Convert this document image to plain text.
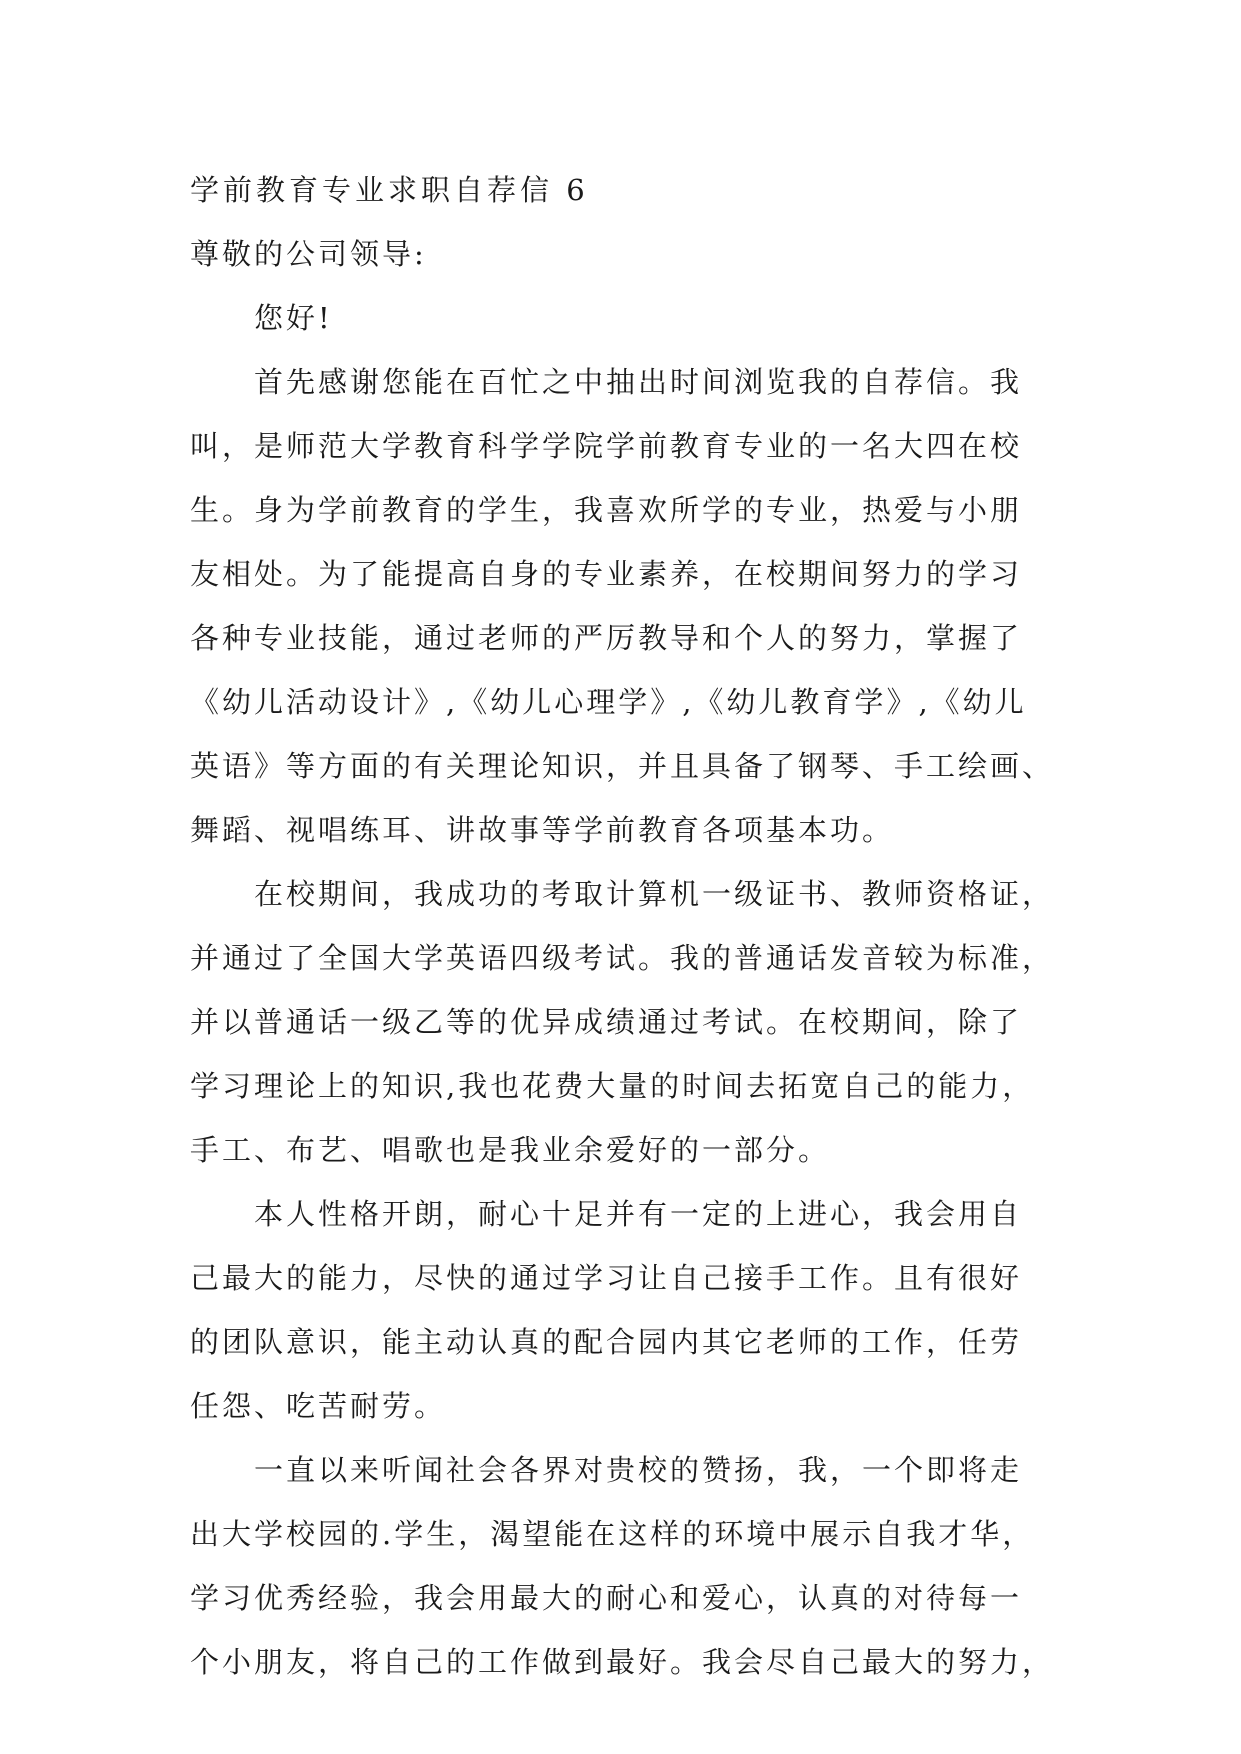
学前教育专业求职自荐信 6
尊敬的公司领导:
您好!
首先感谢您能在百忙之中抽出时间浏览我的自荐信。我
叫，是师范大学教育科学学院学前教育专业的一名大四在校
生。身为学前教育的学生，我喜欢所学的专业，热爱与小朋
友相处。为了能提高自身的专业素养，在校期间努力的学习
各种专业技能，通过老师的严厉教导和个人的努力，掌握了
《幼儿活动设计》,《幼儿心理学》,《幼儿教育学》,《幼儿
英语》等方面的有关理论知识，并且具备了钢琴、手工绘画、
舞蹈、视唱练耳、讲故事等学前教育各项基本功。
在校期间，我成功的考取计算机一级证书、教师资格证，
并通过了全国大学英语四级考试。我的普通话发音较为标准，
并以普通话一级乙等的优异成绩通过考试。在校期间，除了
学习理论上的知识,我也花费大量的时间去拓宽自己的能力，
手工、布艺、唱歌也是我业余爱好的一部分。
本人性格开朗，耐心十足并有一定的上进心，我会用自
己最大的能力，尽快的通过学习让自己接手工作。且有很好
的团队意识，能主动认真的配合园内其它老师的工作，任劳
任怨、吃苦耐劳。
一直以来听闻社会各界对贵校的赞扬，我，一个即将走
出大学校园的.学生，渴望能在这样的环境中展示自我才华，
学习优秀经验，我会用最大的耐心和爱心，认真的对待每一
个小朋友，将自己的工作做到最好。我会尽自己最大的努力，
